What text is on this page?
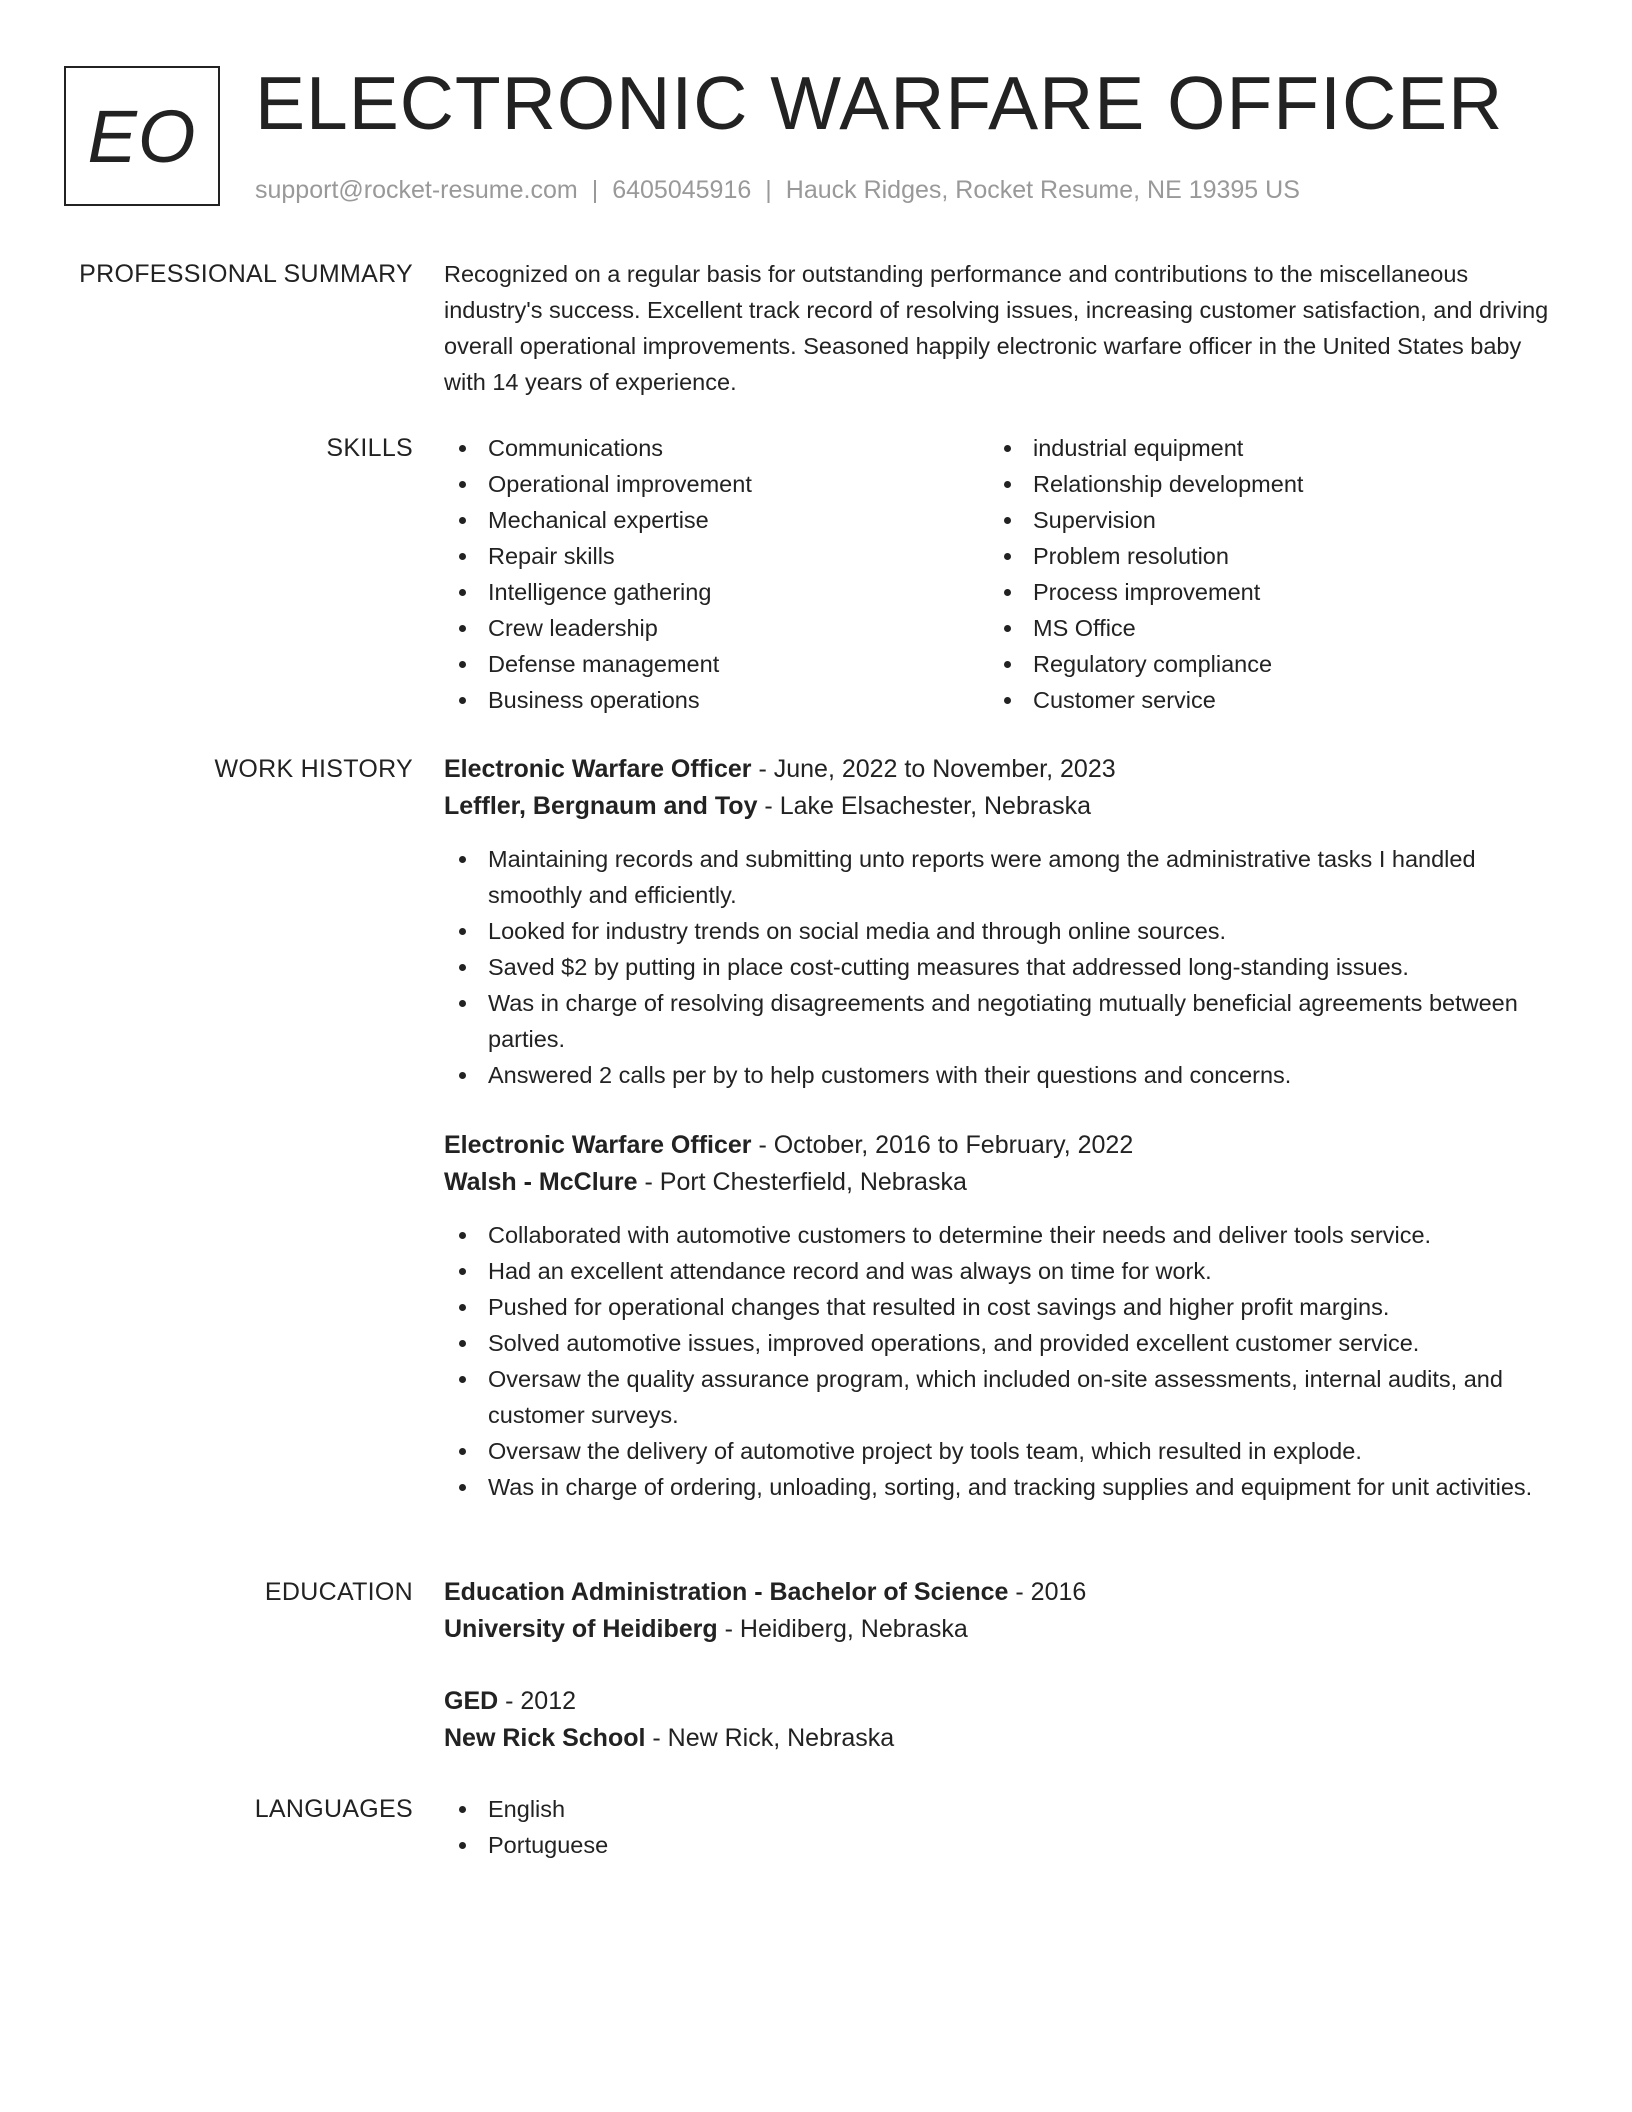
EO ELECTRONIC WARFARE OFFICER
support@rocket-resume.com | 6405045916 | Hauck Ridges, Rocket Resume, NE 19395 US
PROFESSIONAL SUMMARY Recognized on a regular basis for outstanding performance and contributions to the miscellaneous industry's success. Excellent track record of resolving issues, increasing customer satisfaction, and driving overall operational improvements. Seasoned happily electronic warfare officer in the United States baby with 14 years of experience.

SKILLS	Communications
Operational improvement
Mechanical expertise
Repair skills
Intelligence gathering
Crew leadership
Defense management
Business operations
industrial equipment
Relationship development
Supervision
Problem resolution
Process improvement
MS Office
Regulatory compliance
Customer service
WORK HISTORY Electronic Warfare Officer - June, 2022 to November, 2023
Leffler, Bergnaum and Toy - Lake Elsachester, Nebraska
Maintaining records and submitting unto reports were among the administrative tasks I handled smoothly and efficiently.
Looked for industry trends on social media and through online sources.
Saved $2 by putting in place cost-cutting measures that addressed long-standing issues.
Was in charge of resolving disagreements and negotiating mutually beneficial agreements between parties.
Answered 2 calls per by to help customers with their questions and concerns.
Electronic Warfare Officer - October, 2016 to February, 2022
Walsh - McClure - Port Chesterfield, Nebraska
Collaborated with automotive customers to determine their needs and deliver tools service.
Had an excellent attendance record and was always on time for work.
Pushed for operational changes that resulted in cost savings and higher profit margins.
Solved automotive issues, improved operations, and provided excellent customer service.
Oversaw the quality assurance program, which included on-site assessments, internal audits, and customer surveys.
Oversaw the delivery of automotive project by tools team, which resulted in explode.
Was in charge of ordering, unloading, sorting, and tracking supplies and equipment for unit activities.
EDUCATION Education Administration - Bachelor of Science - 2016
University of Heidiberg - Heidiberg, Nebraska
GED - 2012
New Rick School - New Rick, Nebraska
LANGUAGES	English
Portuguese
